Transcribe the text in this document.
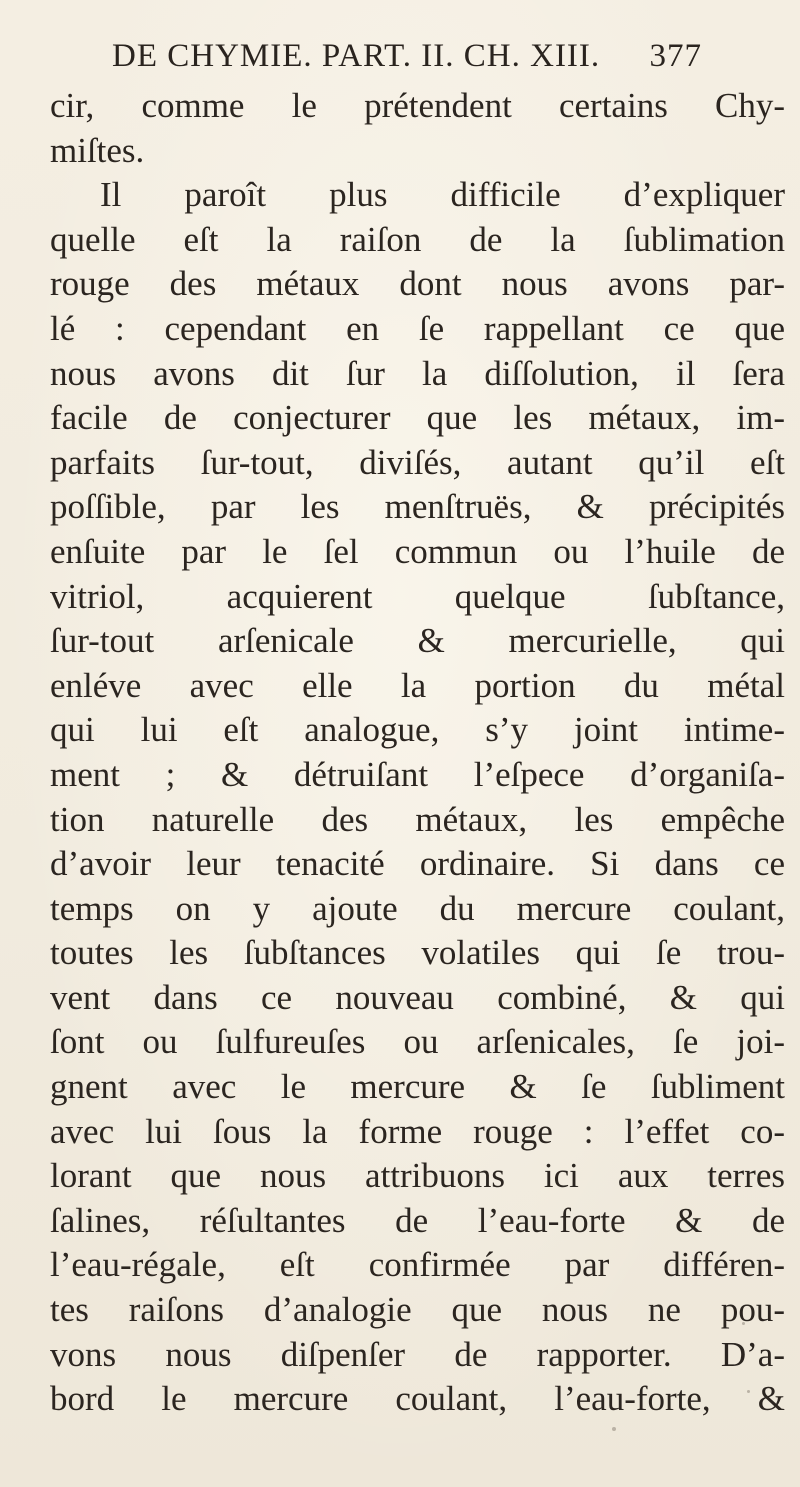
DE CHYMIE. PART. II. CH. XIII. 377
cir, comme le prétendent certains Chy-
miſtes.
Il paroît plus difficile d’expliquer
quelle eſt la raiſon de la ſublimation
rouge des métaux dont nous avons par-
lé : cependant en ſe rappellant ce que
nous avons dit ſur la diſſolution, il ſera
facile de conjecturer que les métaux, im-
parfaits ſur-tout, diviſés, autant qu’il eſt
poſſible, par les menſtruës, & précipités
enſuite par le ſel commun ou l’huile de
vitriol, acquierent quelque ſubſtance,
ſur-tout arſenicale & mercurielle, qui
enléve avec elle la portion du métal
qui lui eſt analogue, s’y joint intime-
ment ; & détruiſant l’eſpece d’organiſa-
tion naturelle des métaux, les empêche
d’avoir leur tenacité ordinaire. Si dans ce
temps on y ajoute du mercure coulant,
toutes les ſubſtances volatiles qui ſe trou-
vent dans ce nouveau combiné, & qui
ſont ou ſulfureuſes ou arſenicales, ſe joi-
gnent avec le mercure & ſe ſubliment
avec lui ſous la forme rouge : l’effet co-
lorant que nous attribuons ici aux terres
ſalines, réſultantes de l’eau-forte & de
l’eau-régale, eſt confirmée par différen-
tes raiſons d’analogie que nous ne pou-
vons nous diſpenſer de rapporter. D’a-
bord le mercure coulant, l’eau-forte, &
